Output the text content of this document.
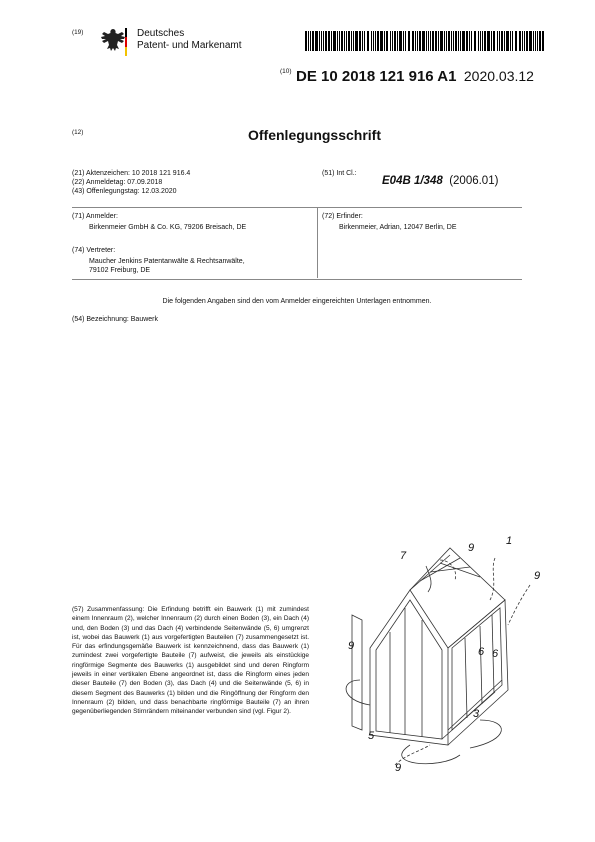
(19)	Deutsches
Patent- und Markenamt
$^{(10)}$ DE 10 2018 121 916 A1 2020.03.12
(12)	Offenlegungsschrift
(21) Aktenzeichen: 10 2018 121 916.4
(22) Anmeldetag: 07.09.2018
(43) Offenlegungstag: 12.03.2020
(51) Int Cl.:
E04B 1/348 (2006.01)
(71) Anmelder:
Birkenmeier GmbH & Co. KG, 79206 Breisach, DE
(72) Erfinder:
Birkenmeier, Adrian, 12047 Berlin, DE
(74) Vertreter:
Maucher Jenkins Patentanwälte & Rechtsanwälte,
79102 Freiburg, DE
Die folgenden Angaben sind den vom Anmelder eingereichten Unterlagen entnommen.
(54) Bezeichnung: Bauwerk
7
9
1
9
9	6 6
3
5
9
(57) Zusammenfassung: Die Erfindung betrifft ein Bauwerk (1) mit zumindest einem Innenraum (2), welcher Innenraum (2) durch einen Boden (3), ein Dach (4) und, den Boden (3) und das Dach (4) verbindende Seitenwände (5, 6) umgrenzt ist, wobei das Bauwerk (1) aus vorgefertigten Bauteilen (7) zusammengesetzt ist. Für das erfindungsgemäße Bauwerk ist kennzeichnend, dass das Bauwerk (1) zumindest zwei vorgefertigte Bauteile (7) aufweist, die jeweils als einstückige ringförmige Segmente des Bauwerks (1) ausgebildet sind und deren Ringform jeweils in einer vertikalen Ebene angeordnet ist, dass die Ringform eines jeden dieser Bauteile (7) den Boden (3), das Dach (4) und die Seitenwände (5, 6) in diesem Segment des Bauwerks (1) bilden und die Ringöffnung der Ringform den Innenraum (2) bilden, und dass benachbarte ringförmige Bauteile (7) an ihren gegenüberliegenden Stirnrändern miteinander verbunden sind (vgl. Figur 2).
